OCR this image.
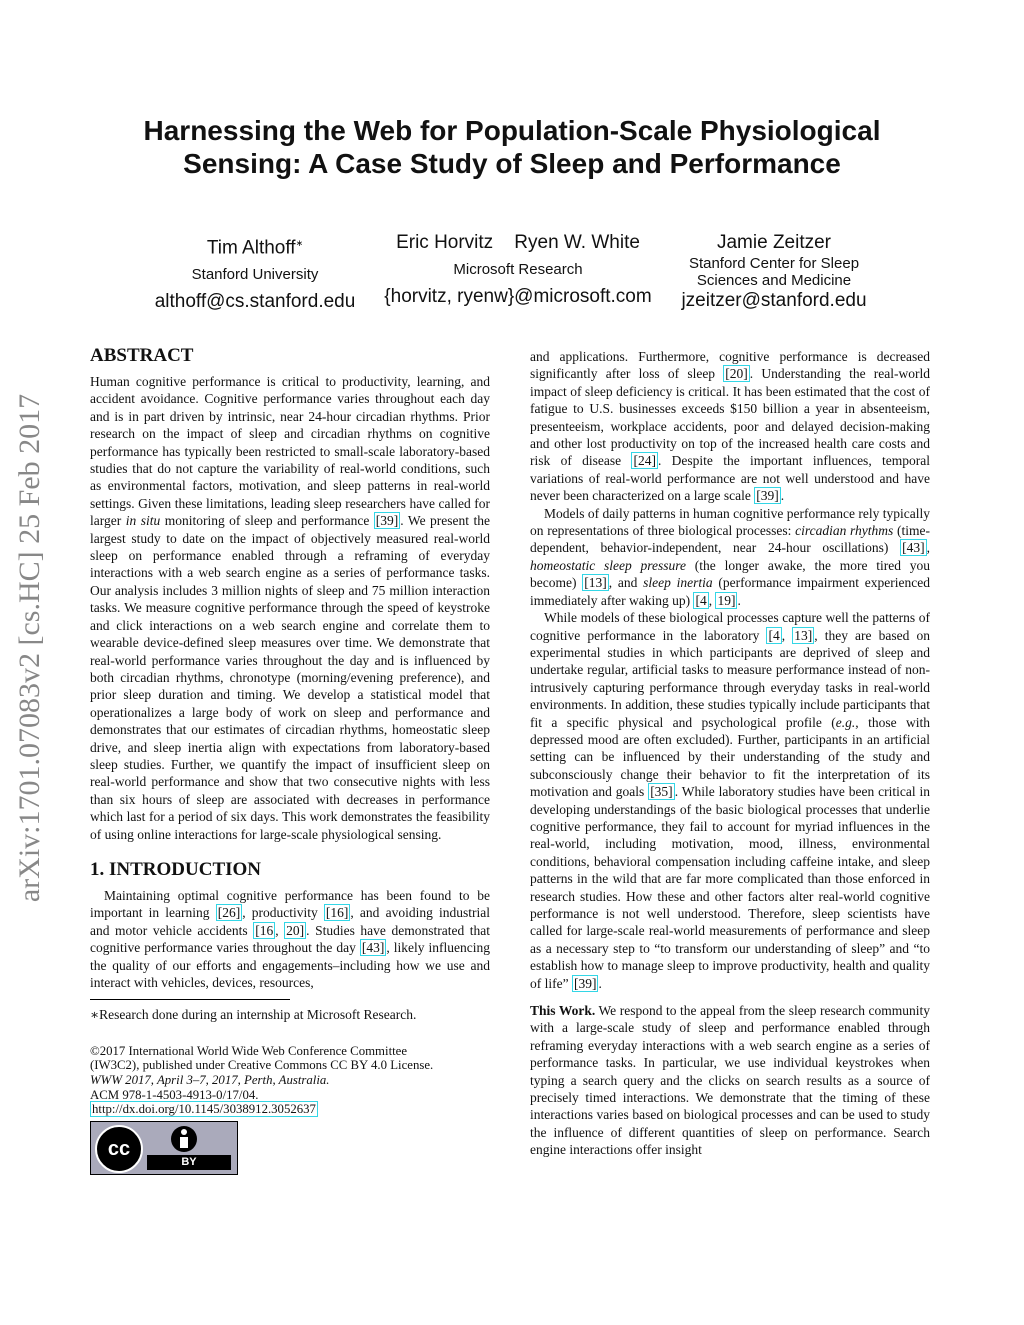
arXiv:1701.07083v2 [cs.HC] 25 Feb 2017
Harnessing the Web for Population-Scale Physiological
Sensing: A Case Study of Sleep and Performance
Tim Althoff∗
Stanford University
althoff@cs.stanford.edu
Eric Horvitz    Ryen W. White
Microsoft Research
{horvitz, ryenw}@microsoft.com
Jamie Zeitzer
Stanford Center for Sleep
Sciences and Medicine
jzeitzer@stanford.edu
ABSTRACT

Human cognitive performance is critical to productivity, learning, and accident avoidance. Cognitive performance varies throughout each day and is in part driven by intrinsic, near 24-hour circadian rhythms. Prior research on the impact of sleep and circadian rhythms on cognitive performance has typically been restricted to small-scale laboratory-based studies that do not capture the variability of real-world conditions, such as environmental factors, motivation, and sleep patterns in real-world settings. Given these limitations, leading sleep researchers have called for larger in situ monitoring of sleep and performance [39] . We present the largest study to date on the impact of objectively measured real-world sleep on performance enabled through a reframing of everyday interactions with a web search engine as a series of performance tasks. Our analysis includes 3 million nights of sleep and 75 million interaction tasks. We measure cognitive performance through the speed of keystroke and click interactions on a web search engine and correlate them to wearable device-defined sleep measures over time. We demonstrate that real-world performance varies throughout the day and is influenced by both circadian rhythms, chronotype (morning/evening preference), and prior sleep duration and timing. We develop a statistical model that operationalizes a large body of work on sleep and performance and demonstrates that our estimates of circadian rhythms, homeostatic sleep drive, and sleep inertia align with expectations from laboratory-based sleep studies. Further, we quantify the impact of insufficient sleep on real-world performance and show that two consecutive nights with less than six hours of sleep are associated with decreases in performance which last for a period of six days. This work demonstrates the feasibility of using online interactions for large-scale physiological sensing.

1. INTRODUCTION

Maintaining optimal cognitive performance has been found to be important in learning [26] , productivity [16] , and avoiding industrial and motor vehicle accidents [16 , 20] . Studies have demonstrated that cognitive performance varies throughout the day [43] , likely influencing the quality of our efforts and engagements–including how we use and interact with vehicles, devices, resources,

∗Research done during an internship at Microsoft Research.

©2017 International World Wide Web Conference Committee
(IW3C2), published under Creative Commons CC BY 4.0 License.
WWW 2017, April 3–7, 2017, Perth, Australia.
ACM 978-1-4503-4913-0/17/04.
http://dx.doi.org/10.1145/3038912.3052637
cc
BY

and applications. Furthermore, cognitive performance is decreased significantly after loss of sleep [20] . Understanding the real-world impact of sleep deficiency is critical. It has been estimated that the cost of fatigue to U.S. businesses exceeds $150 billion a year in absenteeism, presenteeism, workplace accidents, poor and delayed decision-making and other lost productivity on top of the increased health care costs and risk of disease [24] . Despite the important influences, temporal variations of real-world performance are not well understood and have never been characterized on a large scale [39] .

Models of daily patterns in human cognitive performance rely typically on representations of three biological processes: circadian rhythms (time-dependent, behavior-independent, near 24-hour oscillations) [43] , homeostatic sleep pressure (the longer awake, the more tired you become) [13] , and sleep inertia (performance impairment experienced immediately after waking up) [4 , 19] .

While models of these biological processes capture well the patterns of cognitive performance in the laboratory [4 , 13] , they are based on experimental studies in which participants are deprived of sleep and undertake regular, artificial tasks to measure performance instead of non-intrusively capturing performance through everyday tasks in real-world environments. In addition, these studies typically include participants that fit a specific physical and psychological profile (e.g., those with depressed mood are often excluded). Further, participants in an artificial setting can be influenced by their understanding of the study and subconsciously change their behavior to fit the interpretation of its motivation and goals [35] . While laboratory studies have been critical in developing understandings of the basic biological processes that underlie cognitive performance, they fail to account for myriad influences in the real-world, including motivation, mood, illness, environmental conditions, behavioral compensation including caffeine intake, and sleep patterns in the wild that are far more complicated than those enforced in research studies. How these and other factors alter real-world cognitive performance is not well understood. Therefore, sleep scientists have called for large-scale real-world measurements of performance and sleep as a necessary step to “to transform our understanding of sleep” and “to establish how to manage sleep to improve productivity, health and quality of life” [39] .

This Work. We respond to the appeal from the sleep research community with a large-scale study of sleep and performance enabled through reframing everyday interactions with a web search engine as a series of performance tasks. In particular, we use individual keystrokes when typing a search query and the clicks on search results as a source of precisely timed interactions. We demonstrate that the timing of these interactions varies based on biological processes and can be used to study the influence of different quantities of sleep on performance. Search engine interactions offer insight
